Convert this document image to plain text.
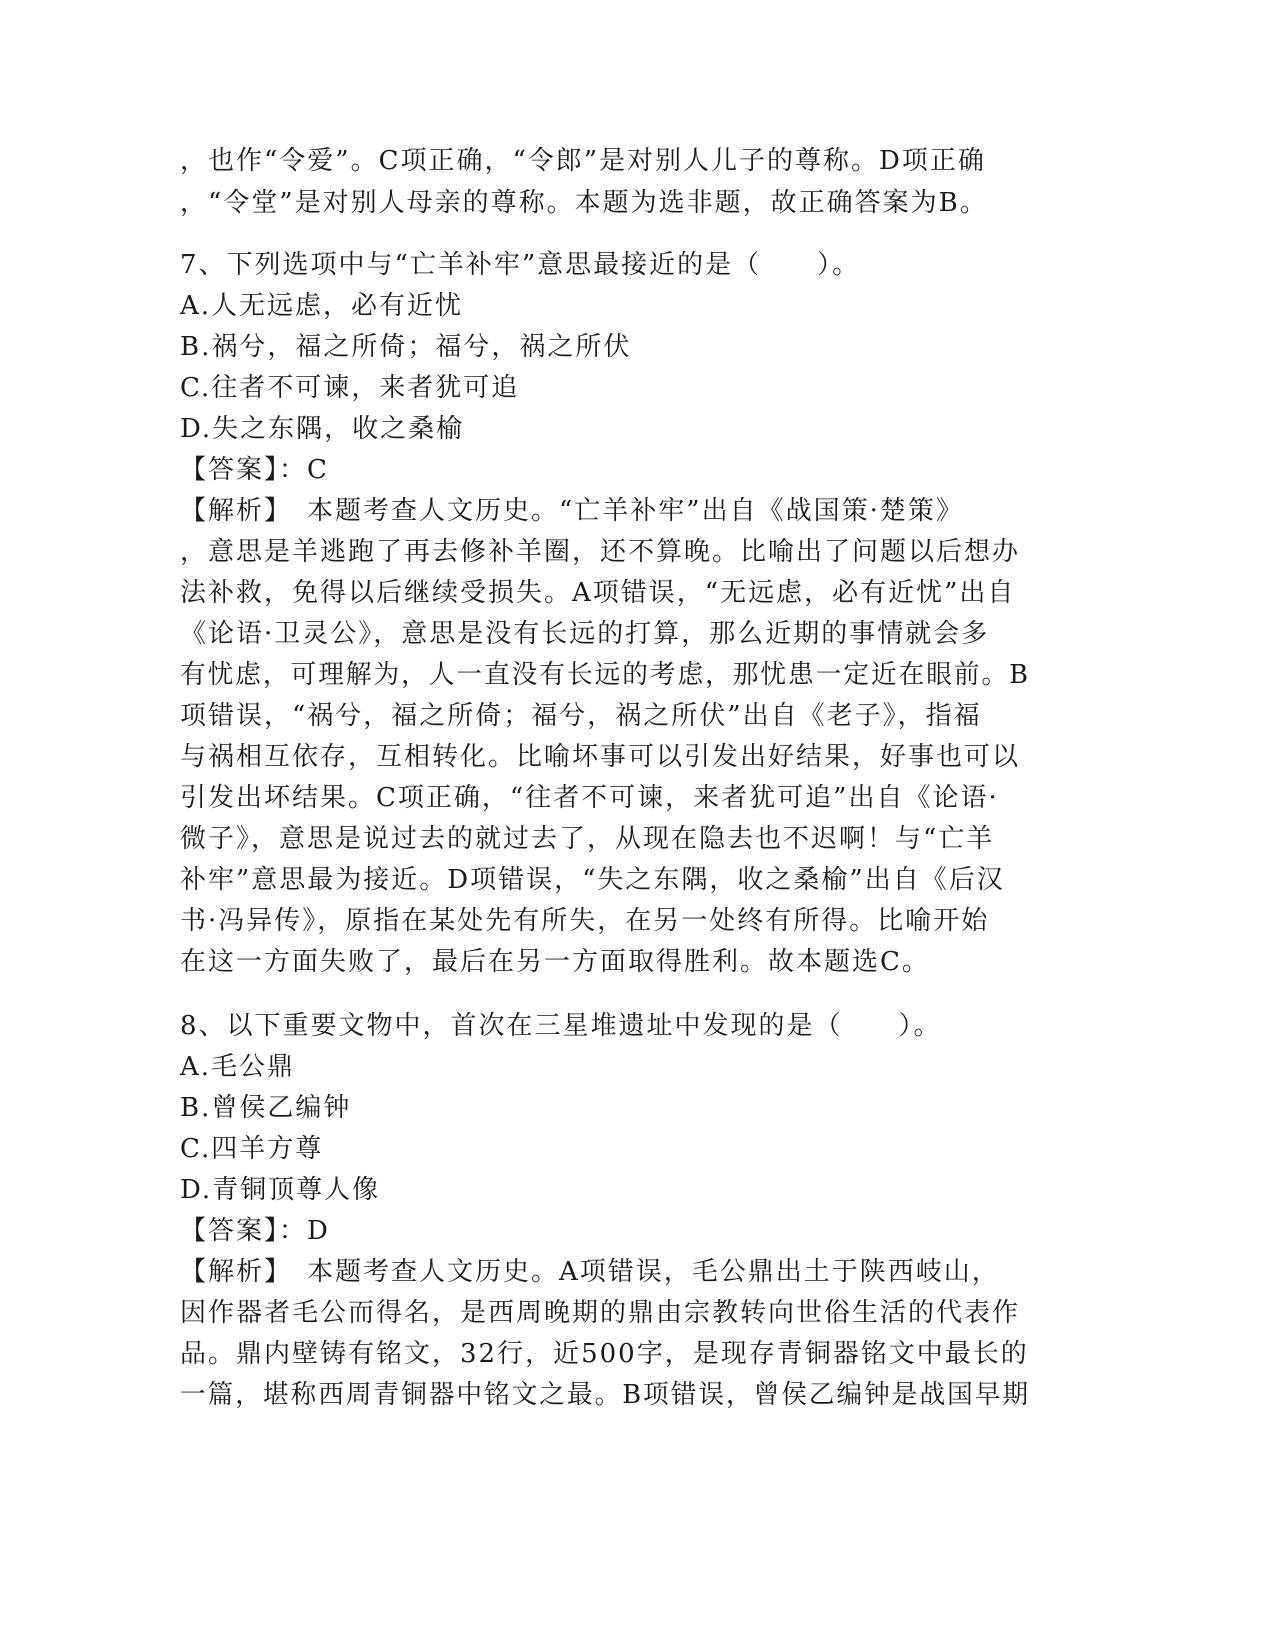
，也作“令爱”。C项正确，“令郎”是对别人儿子的尊称。D项正确
，“令堂”是对别人母亲的尊称。本题为选非题，故正确答案为B。
7、下列选项中与“亡羊补牢”意思最接近的是（　　）。
A.人无远虑，必有近忧
B.祸兮，福之所倚；福兮，祸之所伏
C.往者不可谏，来者犹可追
D.失之东隅，收之桑榆
【答案】：C
【解析】　本题考查人文历史。“亡羊补牢”出自《战国策·楚策》
，意思是羊逃跑了再去修补羊圈，还不算晚。比喻出了问题以后想办
法补救，免得以后继续受损失。A项错误，“无远虑，必有近忧”出自
《论语·卫灵公》，意思是没有长远的打算，那么近期的事情就会多
有忧虑，可理解为，人一直没有长远的考虑，那忧患一定近在眼前。B
项错误，“祸兮，福之所倚；福兮，祸之所伏”出自《老子》，指福
与祸相互依存，互相转化。比喻坏事可以引发出好结果，好事也可以
引发出坏结果。C项正确，“往者不可谏，来者犹可追”出自《论语·
微子》，意思是说过去的就过去了，从现在隐去也不迟啊！与“亡羊
补牢”意思最为接近。D项错误，“失之东隅，收之桑榆”出自《后汉
书·冯异传》，原指在某处先有所失，在另一处终有所得。比喻开始
在这一方面失败了，最后在另一方面取得胜利。故本题选C。
8、以下重要文物中，首次在三星堆遗址中发现的是（　　）。
A.毛公鼎
B.曾侯乙编钟
C.四羊方尊
D.青铜顶尊人像
【答案】：D
【解析】　本题考查人文历史。A项错误，毛公鼎出土于陕西岐山，
因作器者毛公而得名，是西周晚期的鼎由宗教转向世俗生活的代表作
品。鼎内壁铸有铭文，32行，近500字，是现存青铜器铭文中最长的
一篇，堪称西周青铜器中铭文之最。B项错误，曾侯乙编钟是战国早期
